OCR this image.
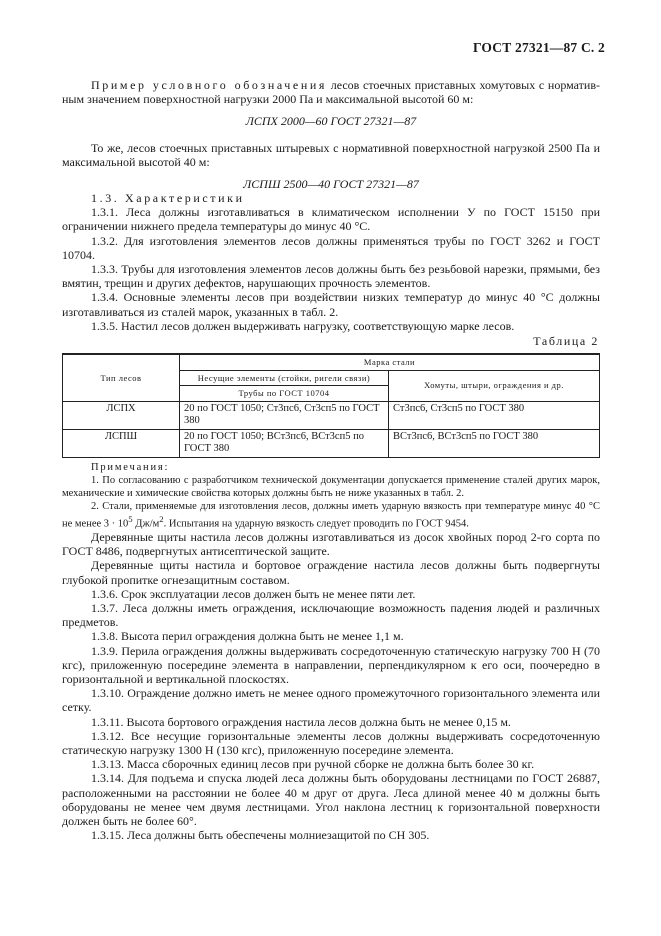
ГОСТ 27321—87 С. 2

Пример условного обозначения лесов стоечных приставных хомутовых с норматив-ным значением поверхностной нагрузки 2000 Па и максимальной высотой 60 м:

ЛСПХ 2000—60 ГОСТ 27321—87

То же, лесов стоечных приставных штыревых с нормативной поверхностной нагрузкой 2500 Па и максимальной высотой 40 м:

ЛСПШ 2500—40 ГОСТ 27321—87

1.3. Характеристики

1.3.1. Леса должны изготавливаться в климатическом исполнении У по ГОСТ 15150 при ограничении нижнего предела температуры до минус 40 °С.

1.3.2. Для изготовления элементов лесов должны применяться трубы по ГОСТ 3262 и ГОСТ 10704.

1.3.3. Трубы для изготовления элементов лесов должны быть без резьбовой нарезки, прямыми, без вмятин, трещин и других дефектов, нарушающих прочность элементов.

1.3.4. Основные элементы лесов при воздействии низких температур до минус 40 °С должны изготавливаться из сталей марок, указанных в табл. 2.

1.3.5. Настил лесов должен выдерживать нагрузку, соответствующую марке лесов.

Таблица 2
Тип лесов	Марка стали	
	Несущие элементы (стойки, ригели связи)	Хомуты, штыри, ограждения и др.
	Трубы по ГОСТ 10704	
ЛСПХ	20 по ГОСТ 1050; Ст3пс6, Ст3сп5 по ГОСТ 380	Ст3пс6, Ст3сп5 по ГОСТ 380
ЛСПШ	20 по ГОСТ 1050; ВСт3пс6, ВСт3сп5 по ГОСТ 380	ВСт3пс6, ВСт3сп5 по ГОСТ 380

Примечания:

1. По согласованию с разработчиком технической документации допускается применение сталей других марок, механические и химические свойства которых должны быть не ниже указанных в табл. 2.

2. Стали, применяемые для изготовления лесов, должны иметь ударную вязкость при температуре минус 40 °С не менее $3 \cdot 10^5$ $Дж/м^2$. Испытания на ударную вязкость следует проводить по ГОСТ 9454.

Деревянные щиты настила лесов должны изготавливаться из досок хвойных пород 2-го сорта по ГОСТ 8486, подвергнутых антисептической защите.

Деревянные щиты настила и бортовое ограждение настила лесов должны быть подвергнуты глубокой пропитке огнезащитным составом.

1.3.6. Срок эксплуатации лесов должен быть не менее пяти лет.

1.3.7. Леса должны иметь ограждения, исключающие возможность падения людей и различных предметов.

1.3.8. Высота перил ограждения должна быть не менее 1,1 м.

1.3.9. Перила ограждения должны выдерживать сосредоточенную статическую нагрузку 700 Н (70 кгс), приложенную посередине элемента в направлении, перпендикулярном к его оси, поочередно в горизонтальной и вертикальной плоскостях.

1.3.10. Ограждение должно иметь не менее одного промежуточного горизонтального элемента или сетку.

1.3.11. Высота бортового ограждения настила лесов должна быть не менее 0,15 м.

1.3.12. Все несущие горизонтальные элементы лесов должны выдерживать сосредоточенную статическую нагрузку 1300 Н (130 кгс), приложенную посередине элемента.

1.3.13. Масса сборочных единиц лесов при ручной сборке не должна быть более 30 кг.

1.3.14. Для подъема и спуска людей леса должны быть оборудованы лестницами по ГОСТ 26887, расположенными на расстоянии не более 40 м друг от друга. Леса длиной менее 40 м должны быть оборудованы не менее чем двумя лестницами. Угол наклона лестниц к горизонтальной поверхности должен быть не более 60°.

1.3.15. Леса должны быть обеспечены молниезащитой по СН 305.
